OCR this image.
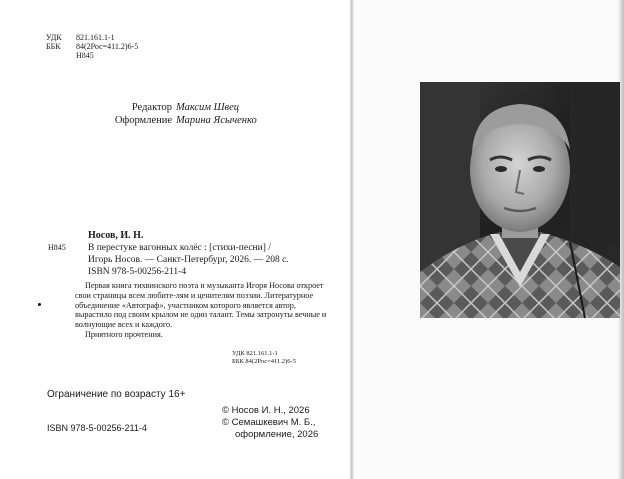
УДК 821.161.1-1
ББК 84(2Рос=411.2)6-5
Н845
Редактор Максим Швец
Оформление Марина Ясыченко
Носов, И. Н.
Н845 В перестуке вагонных колёс : [стихи-песни] /
Игорь Носов. — Санкт-Петербург, 2026. — 208 с.
ISBN 978-5-00256-211-4

Первая книга тихвинского поэта и музыканта Игоря Носова откроет свои страницы всем любите-лям и ценителям поэзии. Литературное объединение «Автограф», участником которого является автор, вырастило под своим крылом не один талант. Темы затронуты вечные и волнующие всех и каждого.

Приятного прочтения.

УДК 821.161.1-1
ББК 84(2Рос=411.2)6-5
Ограничение по возрасту 16+
ISBN 978-5-00256-211-4
© Носов И. Н., 2026
© Семашкевич М. Б.,
оформление, 2026
